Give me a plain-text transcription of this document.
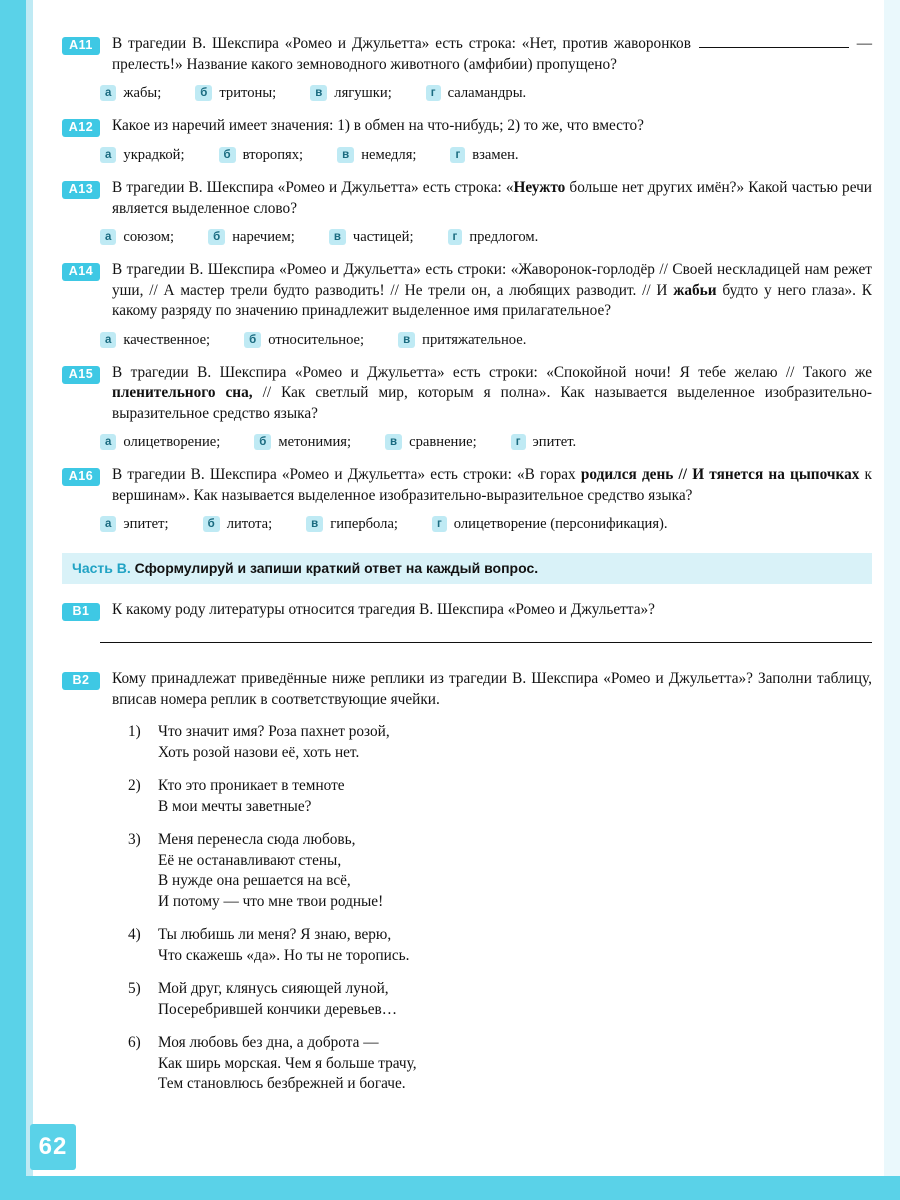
62
A11	В трагедии В. Шекспира «Ромео и Джульетта» есть строка: «Нет, против жаворонков	— прелесть!» Название какого земноводного животного (амфибии) пропущено?
а жабы;	б тритоны;	в лягушки;	г саламандры.
A12	Какое из наречий имеет значения: 1) в обмен на что-нибудь; 2) то же, что вместо?
а украдкой;	б второпях;	в немедля;	г взамен.
A13	В трагедии В. Шекспира «Ромео и Джульетта» есть строка: «Неужто больше нет других имён?» Какой частью речи является выделенное слово?
а союзом;	б наречием;	в частицей;	г предлогом.
A14	В трагедии В. Шекспира «Ромео и Джульетта» есть строки: «Жаворонок-горлодёр // Своей нескладицей нам режет уши, // А мастер трели будто разводить! // Не трели он, а любящих разводит. // И жабьи будто у него глаза». К какому разряду по значению принадлежит выделенное имя прилагательное?
а качественное;	б относительное;	в притяжательное.
A15	В трагедии В. Шекспира «Ромео и Джульетта» есть строки: «Спокойной ночи! Я тебе желаю // Такого же пленительного сна, // Как светлый мир, которым я полна». Как называется выделенное изобразительно-выразительное средство языка?
а олицетворение;	б метонимия;	в сравнение;	г эпитет.
A16	В трагедии В. Шекспира «Ромео и Джульетта» есть строки: «В горах родился день // И тянется на цыпочках к вершинам». Как называется выделенное изобразительно-выразительное средство языка?
а эпитет;	б литота;	в гипербола;	г олицетворение (персонификация).
Часть В. Сформулируй и запиши краткий ответ на каждый вопрос.
B1	К какому роду литературы относится трагедия В. Шекспира «Ромео и Джульетта»?
B2	Кому принадлежат приведённые ниже реплики из трагедии В. Шекспира «Ромео и Джульетта»? Заполни таблицу, вписав номера реплик в соответствующие ячейки.
1)	Что значит имя? Роза пахнет розой,
Хоть розой назови её, хоть нет.
2)	Кто это проникает в темноте
В мои мечты заветные?
3)	Меня перенесла сюда любовь,
Её не останавливают стены,
В нужде она решается на всё,
И потому — что мне твои родные!
4)	Ты любишь ли меня? Я знаю, верю,
Что скажешь «да». Но ты не торопись.
5)	Мой друг, клянусь сияющей луной,
Посеребрившей кончики деревьев…
6)	Моя любовь без дна, а доброта —
Как ширь морская. Чем я больше трачу,
Тем становлюсь безбрежней и богаче.
